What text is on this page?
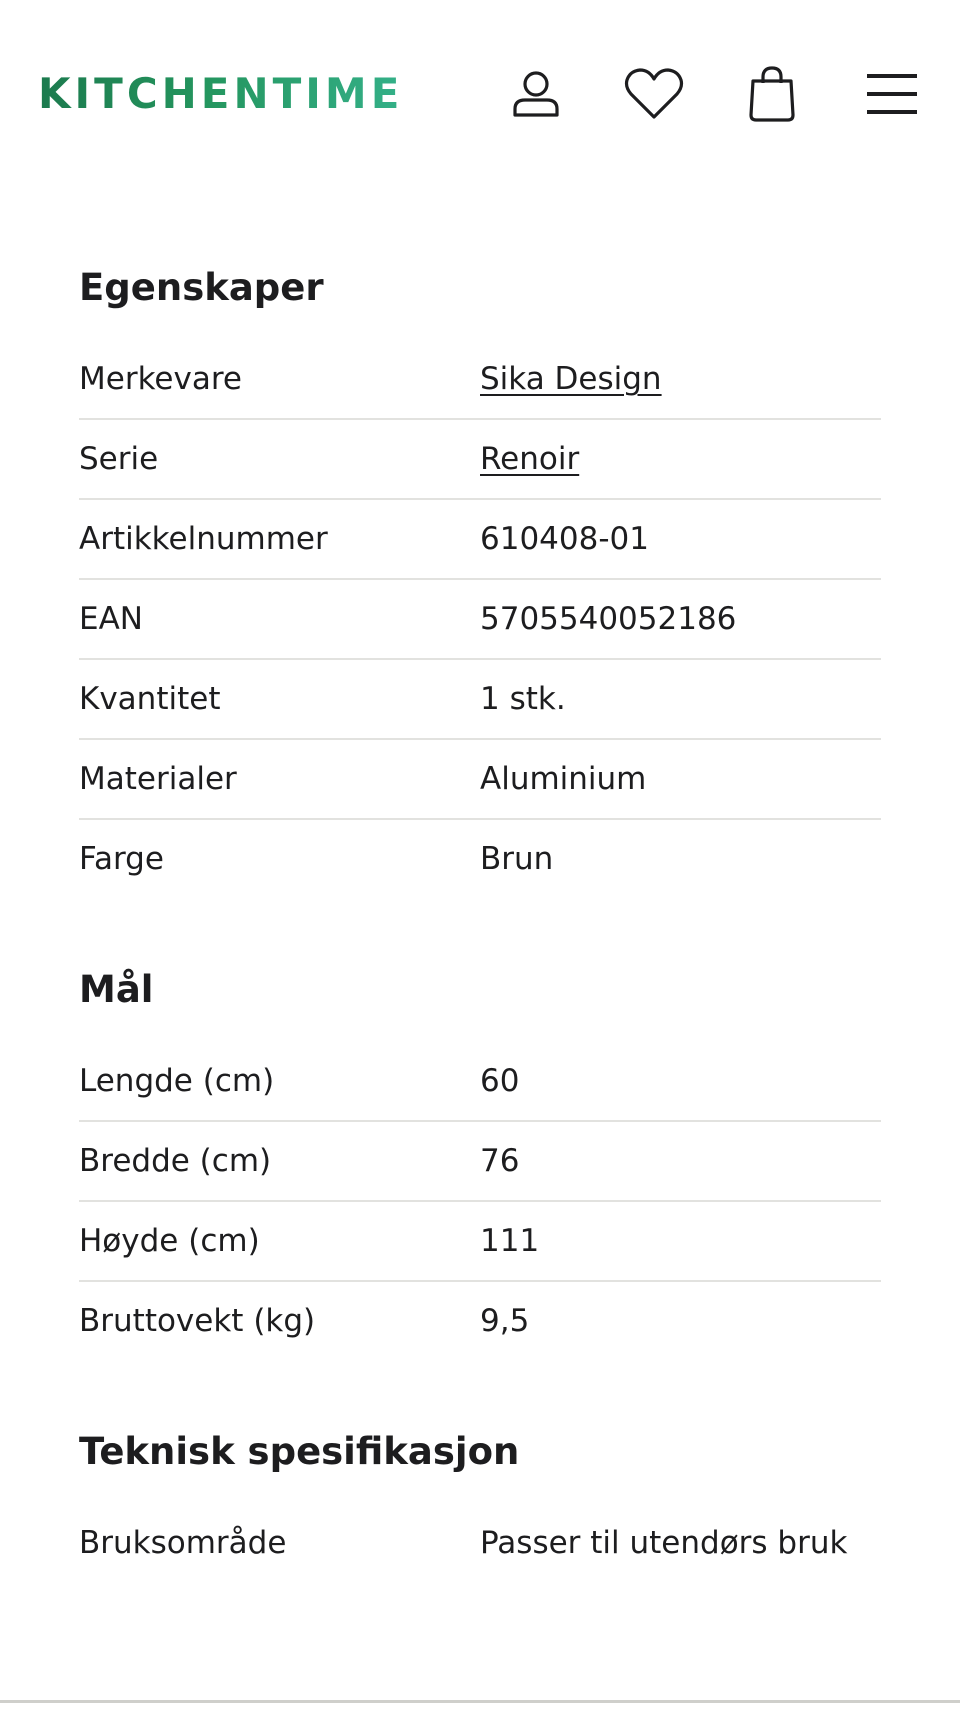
KITCHENTIME
Egenskaper
Merkevare	Sika Design
Serie	Renoir
Artikkelnummer	610408-01
EAN	5705540052186
Kvantitet	1 stk.
Materialer	Aluminium
Farge	Brun
Mål
Lengde (cm)	60
Bredde (cm)	76
Høyde (cm)	111
Bruttovekt (kg)	9,5
Teknisk spesifikasjon
Bruksområde	Passer til utendørs bruk
